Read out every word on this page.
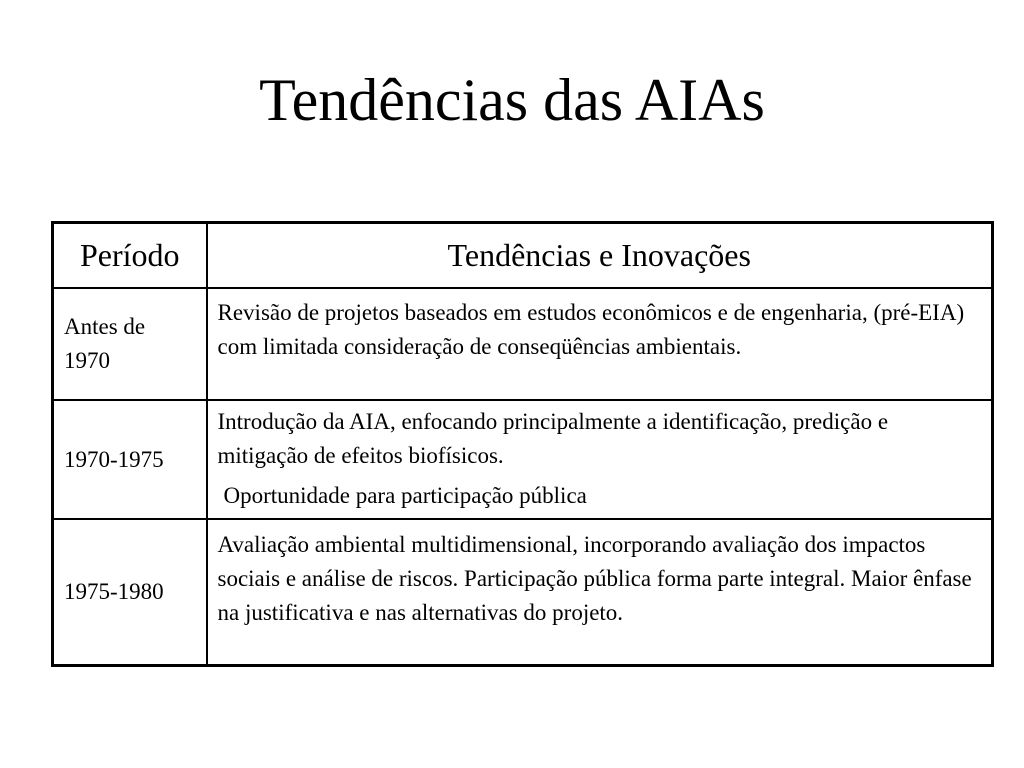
Tendências das AIAs
Período	Tendências e Inovações
Antes de 1970	Revisão de projetos baseados em estudos econômicos e de engenharia, (pré-EIA) com limitada consideração de conseqüências ambientais.

1970-1975	Introdução da AIA, enfocando principalmente a identificação, predição e mitigação de efeitos biofísicos.

Oportunidade para participação pública

1975-1980	Avaliação ambiental multidimensional, incorporando avaliação dos impactos sociais e análise de riscos. Participação pública forma parte integral. Maior ênfase na justificativa e nas alternativas do projeto.
